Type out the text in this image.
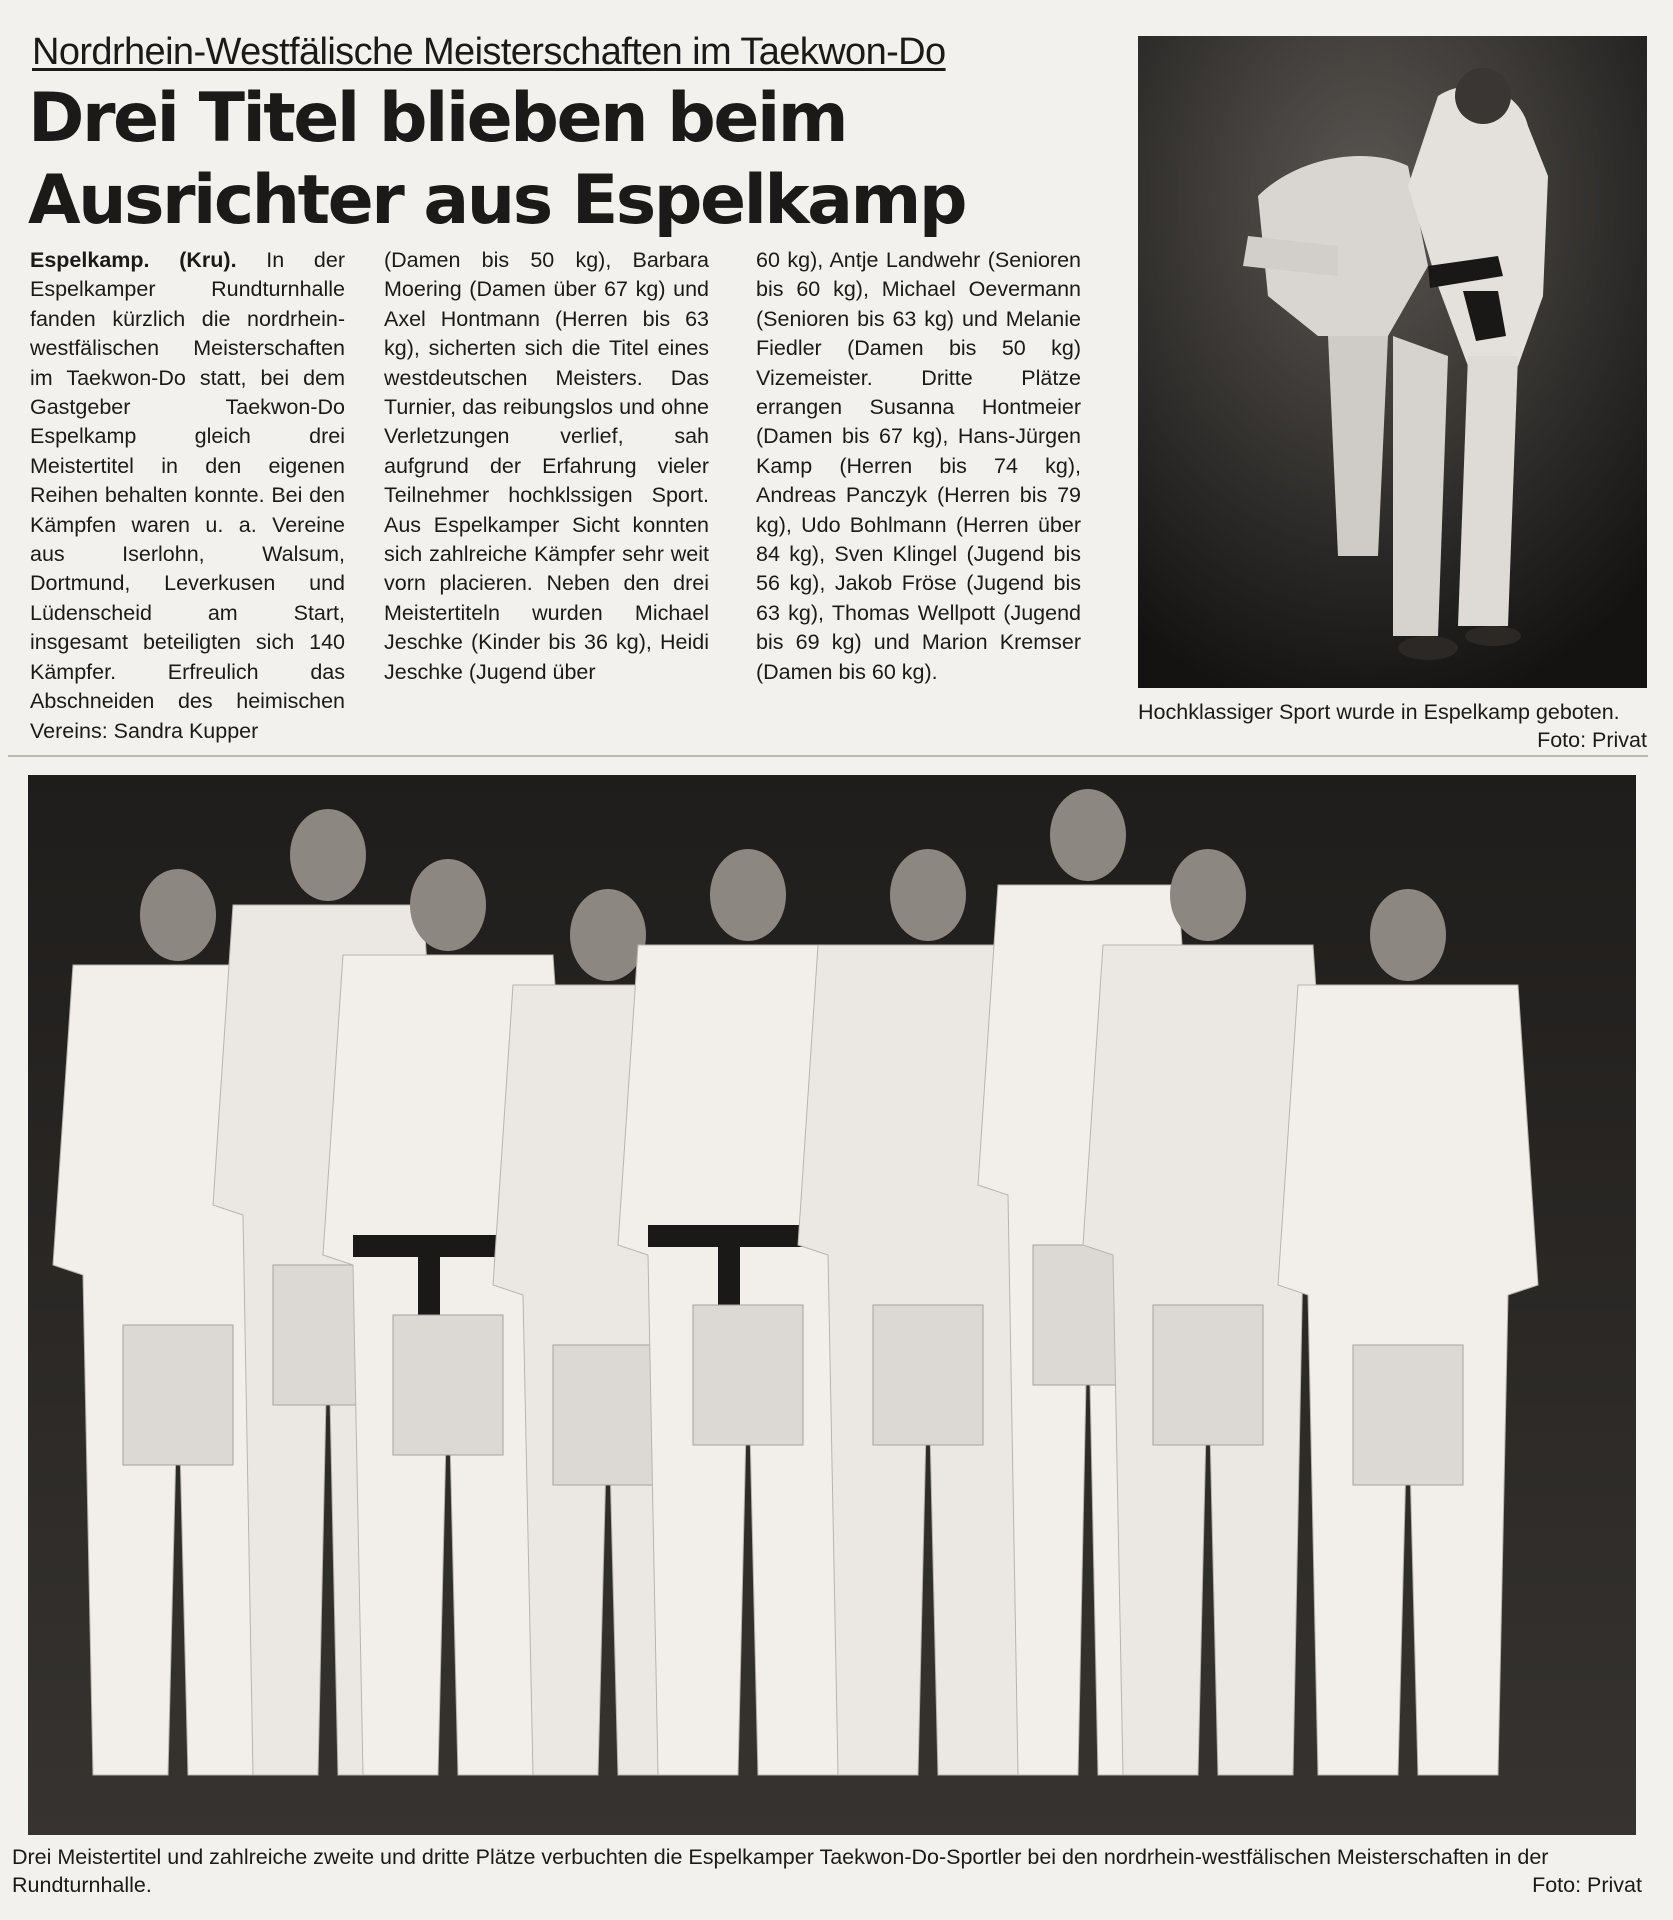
Nordrhein-Westfälische Meisterschaften im Taekwon-Do
Drei Titel blieben beim
Ausrichter aus Espelkamp

Espelkamp. (Kru). In der Espelkamper Rundturnhalle fanden kürzlich die nordrhein-westfälischen Meisterschaften im Taekwon-Do statt, bei dem Gastgeber Taekwon-Do Espelkamp gleich drei Meistertitel in den eigenen Reihen behalten konnte. Bei den Kämpfen waren u. a. Vereine aus Iserlohn, Walsum, Dortmund, Leverkusen und Lüdenscheid am Start, insgesamt beteiligten sich 140 Kämpfer. Erfreulich das Abschneiden des heimischen Vereins: Sandra Kupper

(Damen bis 50 kg), Barbara Moering (Damen über 67 kg) und Axel Hontmann (Herren bis 63 kg), sicherten sich die Titel eines westdeutschen Meisters. Das Turnier, das reibungslos und ohne Verletzungen verlief, sah aufgrund der Erfahrung vieler Teilnehmer hochklssigen Sport. Aus Espelkamper Sicht konnten sich zahlreiche Kämpfer sehr weit vorn placieren. Neben den drei Meistertiteln wurden Michael Jeschke (Kinder bis 36 kg), Heidi Jeschke (Jugend über

60 kg), Antje Landwehr (Senioren bis 60 kg), Michael Oevermann (Senioren bis 63 kg) und Melanie Fiedler (Damen bis 50 kg) Vizemeister. Dritte Plätze errangen Susanna Hontmeier (Damen bis 67 kg), Hans-Jürgen Kamp (Herren bis 74 kg), Andreas Panczyk (Herren bis 79 kg), Udo Bohlmann (Herren über 84 kg), Sven Klingel (Jugend bis 56 kg), Jakob Fröse (Jugend bis 63 kg), Thomas Wellpott (Jugend bis 69 kg) und Marion Kremser (Damen bis 60 kg).

Hochklassiger Sport wurde in Espelkamp geboten.
Foto: Privat

Drei Meistertitel und zahlreiche zweite und dritte Plätze verbuchten die Espelkamper Taekwon-Do-Sportler bei den nordrhein-westfälischen Meisterschaften in der Rundturnhalle.	Foto: Privat
